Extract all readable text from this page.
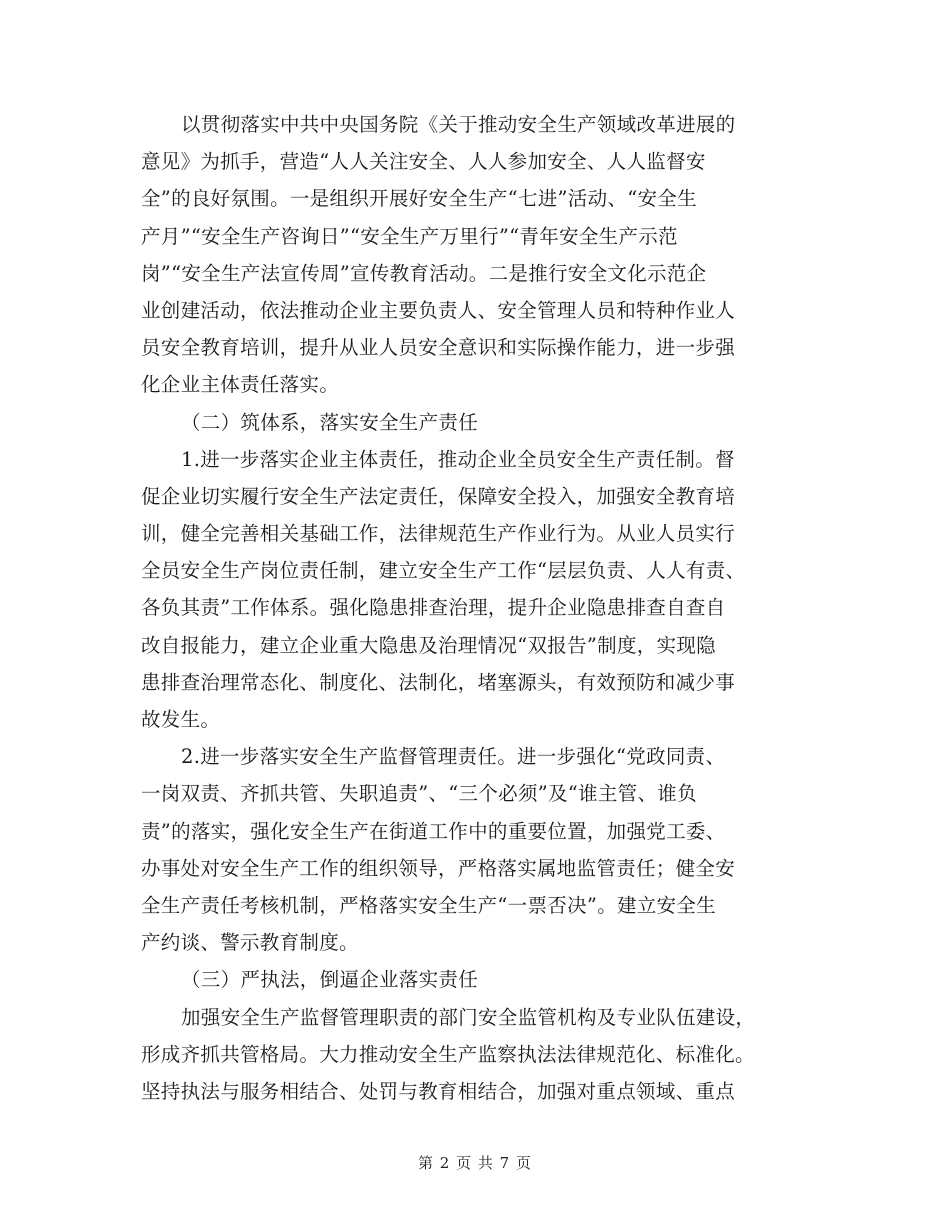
以贯彻落实中共中央国务院《关于推动安全生产领域改革进展的
意见》为抓手，营造“人人关注安全、人人参加安全、人人监督安
全”的良好氛围。一是组织开展好安全生产“七进”活动、“安全生
产月”“安全生产咨询日”“安全生产万里行”“青年安全生产示范
岗”“安全生产法宣传周”宣传教育活动。二是推行安全文化示范企
业创建活动，依法推动企业主要负责人、安全管理人员和特种作业人
员安全教育培训，提升从业人员安全意识和实际操作能力，进一步强
化企业主体责任落实。
（二）筑体系，落实安全生产责任
1.进一步落实企业主体责任，推动企业全员安全生产责任制。督
促企业切实履行安全生产法定责任，保障安全投入，加强安全教育培
训，健全完善相关基础工作，法律规范生产作业行为。从业人员实行
全员安全生产岗位责任制，建立安全生产工作“层层负责、人人有责、
各负其责”工作体系。强化隐患排查治理，提升企业隐患排查自查自
改自报能力，建立企业重大隐患及治理情况“双报告”制度，实现隐
患排查治理常态化、制度化、法制化，堵塞源头，有效预防和减少事
故发生。
2.进一步落实安全生产监督管理责任。进一步强化“党政同责、
一岗双责、齐抓共管、失职追责”、“三个必须”及“谁主管、谁负
责”的落实，强化安全生产在街道工作中的重要位置，加强党工委、
办事处对安全生产工作的组织领导，严格落实属地监管责任；健全安
全生产责任考核机制，严格落实安全生产“一票否决”。建立安全生
产约谈、警示教育制度。
（三）严执法，倒逼企业落实责任
加强安全生产监督管理职责的部门安全监管机构及专业队伍建设，
形成齐抓共管格局。大力推动安全生产监察执法法律规范化、标准化。
坚持执法与服务相结合、处罚与教育相结合，加强对重点领域、重点
第 2 页 共 7 页
